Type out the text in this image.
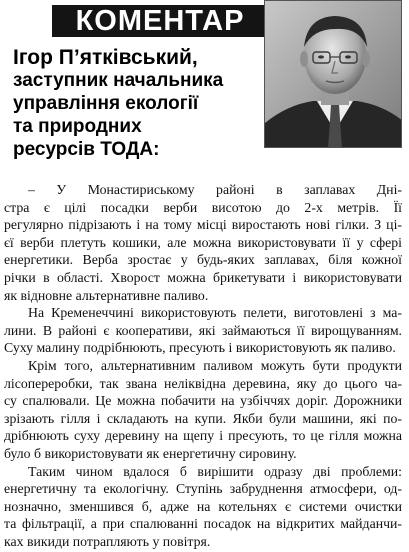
КОМЕНТАР
Ігор П’ятківський,
заступник начальника
управління екології
та природних
ресурсів ТОДА:

– У Монастириському районі в заплавах Дні-
стра є цілі посадки верби висотою до 2-х метрів. Її
регулярно підрізають і на тому місці виростають нові гілки. З ці-
єї верби плетуть кошики, але можна використовувати її у сфері
енергетики. Верба зростає у будь-яких заплавах, біля кожної
річки в області. Хворост можна брикетувати і використовувати
як відновне альтернативне паливо.

На Кременеччині використовують пелети, виготовлені з ма-
лини. В районі є кооперативи, які займаються її вирощуванням.
Суху малину подрібнюють, пресують і використовують як паливо.

Крім того, альтернативним паливом можуть бути продукти
лісопереробки, так звана неліквідна деревина, яку до цього ча-
су спалювали. Це можна побачити на узбіччях доріг. Дорожники
зрізають гілля і складають на купи. Якби були машини, які по-
дрібнюють суху деревину на щепу і пресують, то це гілля можна
було б використовувати як енергетичну сировину.

Таким чином вдалося б вирішити одразу дві проблеми:
енергетичну та екологічну. Ступінь забруднення атмосфери, од-
нозначно, зменшився б, адже на котельнях є системи очистки
та фільтрації, а при спалюванні посадок на відкритих майданчи-
ках викиди потрапляють у повітря.
